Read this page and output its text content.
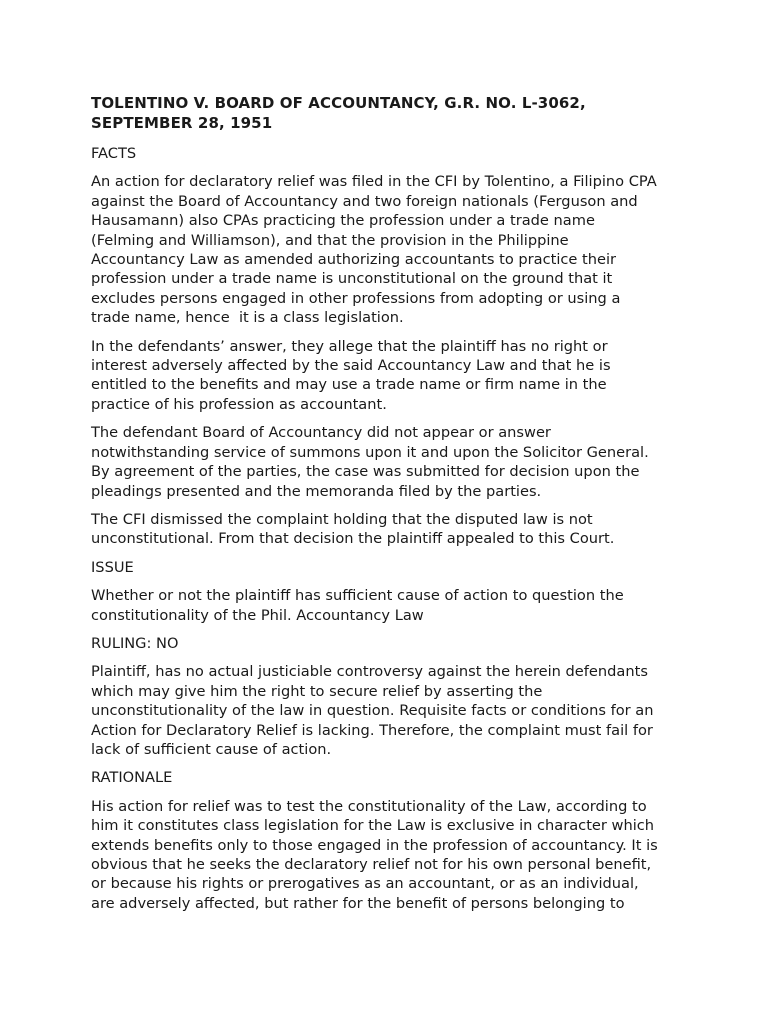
TOLENTINO V. BOARD OF ACCOUNTANCY, G.R. NO. L-3062,
SEPTEMBER 28, 1951
FACTS
An action for declaratory relief was filed in the CFI by Tolentino, a Filipino CPA
against the Board of Accountancy and two foreign nationals (Ferguson and
Hausamann) also CPAs practicing the profession under a trade name
(Felming and Williamson), and that the provision in the Philippine
Accountancy Law as amended authorizing accountants to practice their
profession under a trade name is unconstitutional on the ground that it
excludes persons engaged in other professions from adopting or using a
trade name, hence  it is a class legislation.
In the defendants’ answer, they allege that the plaintiff has no right or
interest adversely affected by the said Accountancy Law and that he is
entitled to the benefits and may use a trade name or firm name in the
practice of his profession as accountant.
The defendant Board of Accountancy did not appear or answer
notwithstanding service of summons upon it and upon the Solicitor General.
By agreement of the parties, the case was submitted for decision upon the
pleadings presented and the memoranda filed by the parties.
The CFI dismissed the complaint holding that the disputed law is not
unconstitutional. From that decision the plaintiff appealed to this Court.
ISSUE
Whether or not the plaintiff has sufficient cause of action to question the
constitutionality of the Phil. Accountancy Law
RULING: NO
Plaintiff, has no actual justiciable controversy against the herein defendants
which may give him the right to secure relief by asserting the
unconstitutionality of the law in question. Requisite facts or conditions for an
Action for Declaratory Relief is lacking. Therefore, the complaint must fail for
lack of sufficient cause of action.
RATIONALE
His action for relief was to test the constitutionality of the Law, according to
him it constitutes class legislation for the Law is exclusive in character which
extends benefits only to those engaged in the profession of accountancy. It is
obvious that he seeks the declaratory relief not for his own personal benefit,
or because his rights or prerogatives as an accountant, or as an individual,
are adversely affected, but rather for the benefit of persons belonging to
